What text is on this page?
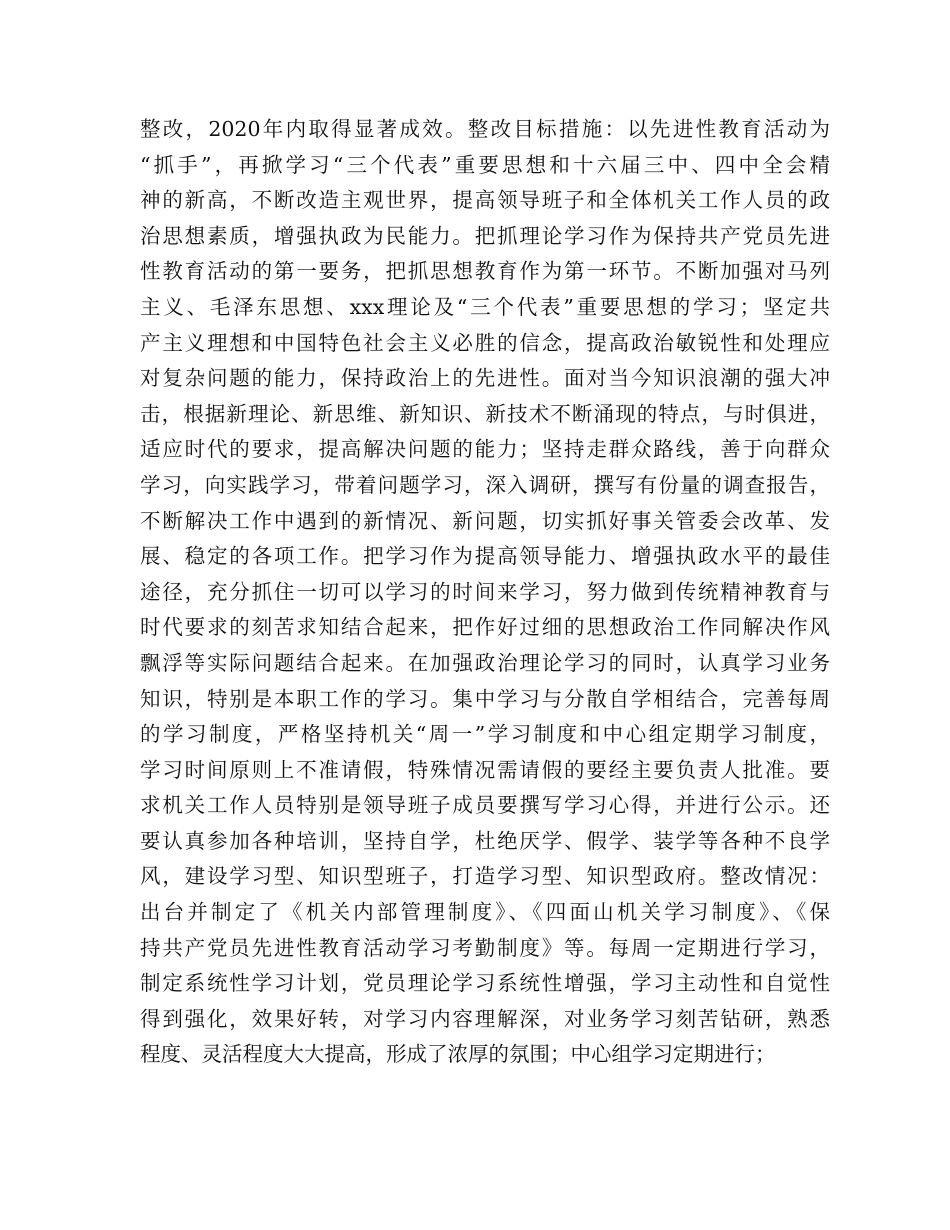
整改，2020年内取得显著成效。整改目标措施：以先进性教育活动为
“抓手”，再掀学习“三个代表”重要思想和十六届三中、四中全会精
神的新高，不断改造主观世界，提高领导班子和全体机关工作人员的政
治思想素质，增强执政为民能力。把抓理论学习作为保持共产党员先进
性教育活动的第一要务，把抓思想教育作为第一环节。不断加强对马列
主义、毛泽东思想、xxx理论及“三个代表”重要思想的学习；坚定共
产主义理想和中国特色社会主义必胜的信念，提高政治敏锐性和处理应
对复杂问题的能力，保持政治上的先进性。面对当今知识浪潮的强大冲
击，根据新理论、新思维、新知识、新技术不断涌现的特点，与时俱进，
适应时代的要求，提高解决问题的能力；坚持走群众路线，善于向群众
学习，向实践学习，带着问题学习，深入调研，撰写有份量的调查报告，
不断解决工作中遇到的新情况、新问题，切实抓好事关管委会改革、发
展、稳定的各项工作。把学习作为提高领导能力、增强执政水平的最佳
途径，充分抓住一切可以学习的时间来学习，努力做到传统精神教育与
时代要求的刻苦求知结合起来，把作好过细的思想政治工作同解决作风
飘浮等实际问题结合起来。在加强政治理论学习的同时，认真学习业务
知识，特别是本职工作的学习。集中学习与分散自学相结合，完善每周
的学习制度，严格坚持机关“周一”学习制度和中心组定期学习制度，
学习时间原则上不准请假，特殊情况需请假的要经主要负责人批准。要
求机关工作人员特别是领导班子成员要撰写学习心得，并进行公示。还
要认真参加各种培训，坚持自学，杜绝厌学、假学、装学等各种不良学
风，建设学习型、知识型班子，打造学习型、知识型政府。整改情况：
出台并制定了《机关内部管理制度》、《四面山机关学习制度》、《保
持共产党员先进性教育活动学习考勤制度》等。每周一定期进行学习，
制定系统性学习计划，党员理论学习系统性增强，学习主动性和自觉性
得到强化，效果好转，对学习内容理解深，对业务学习刻苦钻研，熟悉
程度、灵活程度大大提高，形成了浓厚的氛围；中心组学习定期进行；
